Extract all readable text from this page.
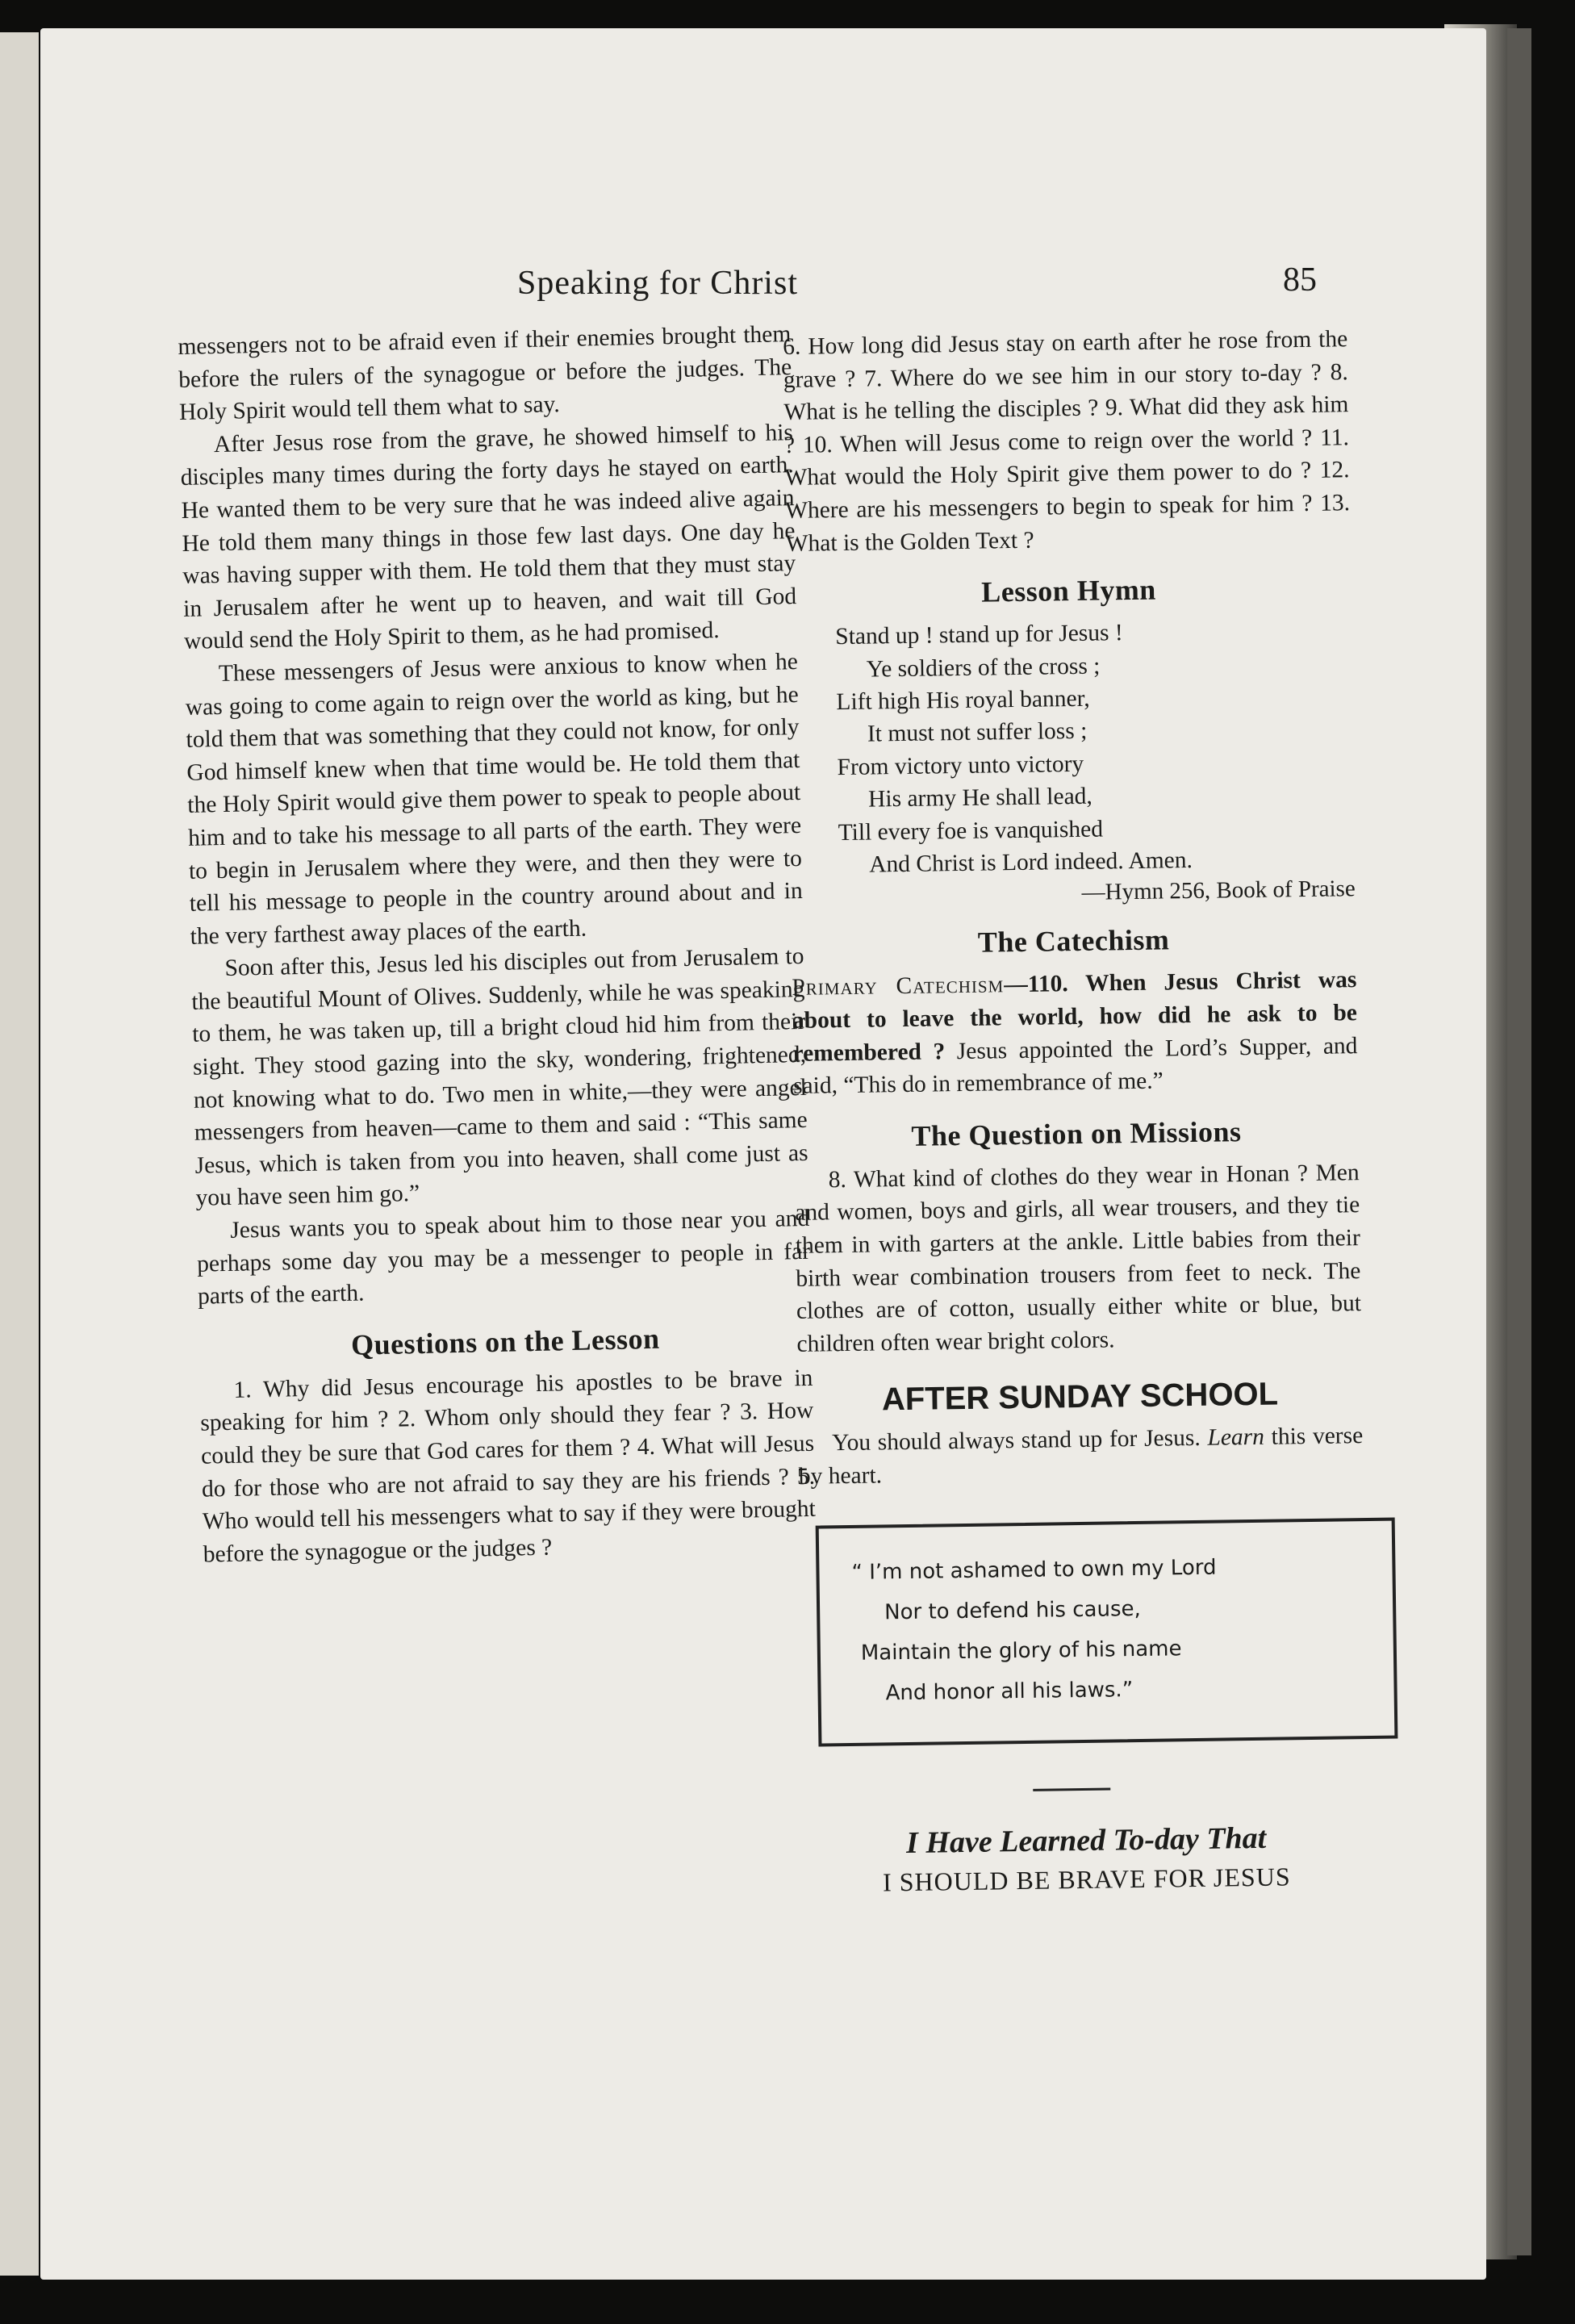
Speaking for Christ	85

messengers not to be afraid even if their enemies brought them before the rulers of the synagogue or before the judges. The Holy Spirit would tell them what to say.

After Jesus rose from the grave, he showed himself to his disciples many times during the forty days he stayed on earth. He wanted them to be very sure that he was indeed alive again He told them many things in those few last days. One day he was having supper with them. He told them that they must stay in Jerusalem after he went up to heaven, and wait till God would send the Holy Spirit to them, as he had promised.

These messengers of Jesus were anxious to know when he was going to come again to reign over the world as king, but he told them that was something that they could not know, for only God himself knew when that time would be. He told them that the Holy Spirit would give them power to speak to people about him and to take his message to all parts of the earth. They were to begin in Jerusalem where they were, and then they were to tell his message to people in the country around about and in the very farthest away places of the earth.

Soon after this, Jesus led his disciples out from Jerusalem to the beautiful Mount of Olives. Suddenly, while he was speaking to them, he was taken up, till a bright cloud hid him from their sight. They stood gazing into the sky, wondering, frightened, not knowing what to do. Two men in white,—they were angel messengers from heaven—came to them and said : “This same Jesus, which is taken from you into heaven, shall come just as you have seen him go.”

Jesus wants you to speak about him to those near you and perhaps some day you may be a messenger to people in far parts of the earth.

Questions on the Lesson

1. Why did Jesus encourage his apostles to be brave in speaking for him ? 2. Whom only should they fear ? 3. How could they be sure that God cares for them ? 4. What will Jesus do for those who are not afraid to say they are his friends ? 5. Who would tell his messengers what to say if they were brought before the synagogue or the judges ?

6. How long did Jesus stay on earth after he rose from the grave ? 7. Where do we see him in our story to-day ? 8. What is he telling the disciples ? 9. What did they ask him ? 10. When will Jesus come to reign over the world ? 11. What would the Holy Spirit give them power to do ? 12. Where are his messengers to begin to speak for him ? 13. What is the Golden Text ?

Lesson Hymn
Stand up ! stand up for Jesus !
Ye soldiers of the cross ;
Lift high His royal banner,
It must not suffer loss ;
From victory unto victory
His army He shall lead,
Till every foe is vanquished
And Christ is Lord indeed. Amen.
—Hymn 256, Book of Praise
The Catechism

Primary Catechism—110. When Jesus Christ was about to leave the world, how did he ask to be remembered ? Jesus appointed the Lord’s Supper, and said, “This do in remembrance of me.”

The Question on Missions

8. What kind of clothes do they wear in Honan ? Men and women, boys and girls, all wear trousers, and they tie them in with garters at the ankle. Little babies from their birth wear combination trousers from feet to neck. The clothes are of cotton, usually either white or blue, but children often wear bright colors.

AFTER SUNDAY SCHOOL

You should always stand up for Jesus. Learn this verse by heart.

“ I’m not ashamed to own my Lord
Nor to defend his cause,
Maintain the glory of his name
And honor all his laws.”
I Have Learned To-day That
I SHOULD BE BRAVE FOR JESUS
